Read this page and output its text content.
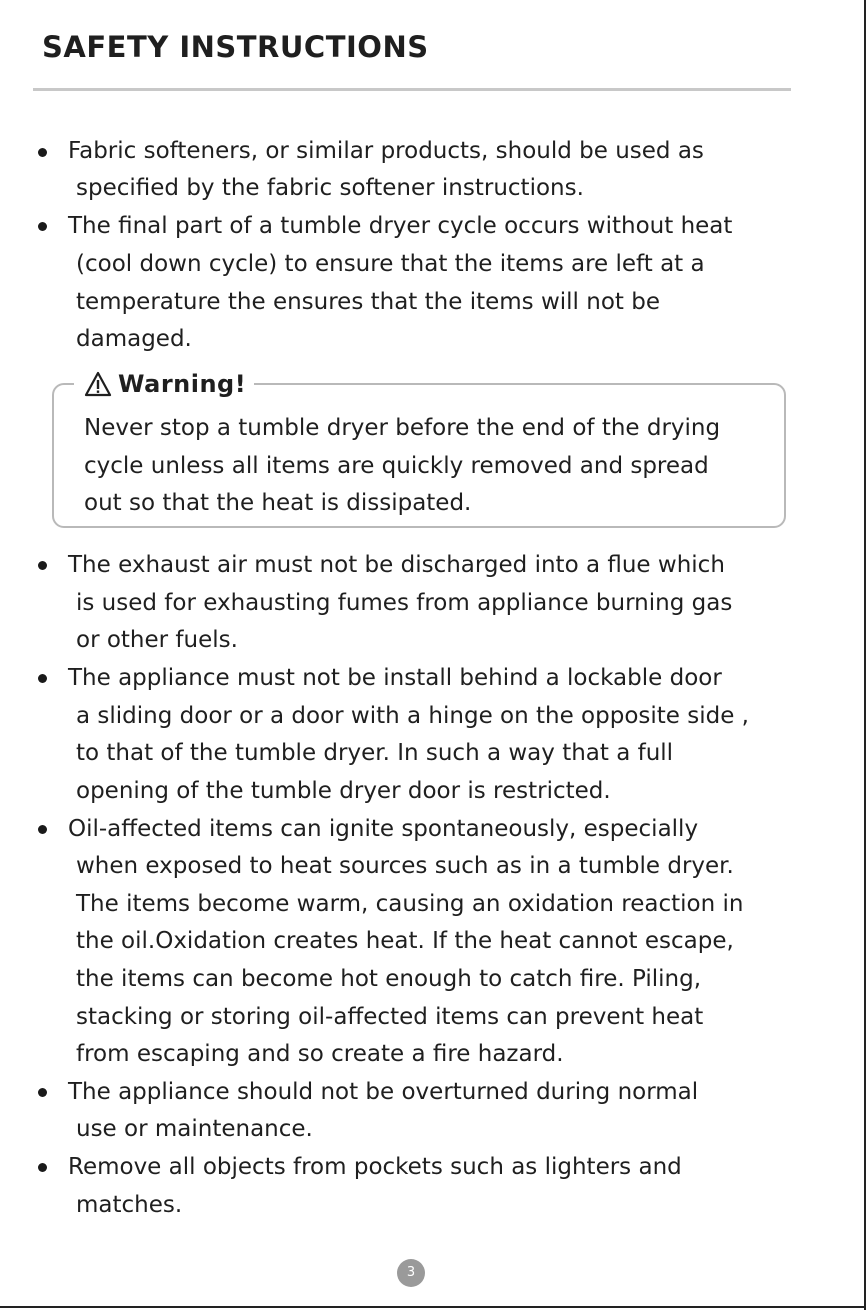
SAFETY INSTRUCTIONS

Fabric softeners, or similar products, should be used as

specified by the fabric softener instructions.

The final part of a tumble dryer cycle occurs without heat

(cool down cycle) to ensure that the items are left at a

temperature the ensures that the items will not be

damaged.

Warning!

Never stop a tumble dryer before the end of the drying

cycle unless all items are quickly removed and spread

out so that the heat is dissipated.

The exhaust air must not be discharged into a flue which

is used for exhausting fumes from appliance burning gas

or other fuels.

The appliance must not be install behind a lockable door

a sliding door or a door with a hinge on the opposite side ,

to that of the tumble dryer. In such a way that a full

opening of the tumble dryer door is restricted.

Oil-affected items can ignite spontaneously, especially

when exposed to heat sources such as in a tumble dryer.

The items become warm, causing an oxidation reaction in

the oil.Oxidation creates heat. If the heat cannot escape,

the items can become hot enough to catch fire. Piling,

stacking or storing oil-affected items can prevent heat

from escaping and so create a fire hazard.

The appliance should not be overturned during normal

use or maintenance.

Remove all objects from pockets such as lighters and

matches.

3
